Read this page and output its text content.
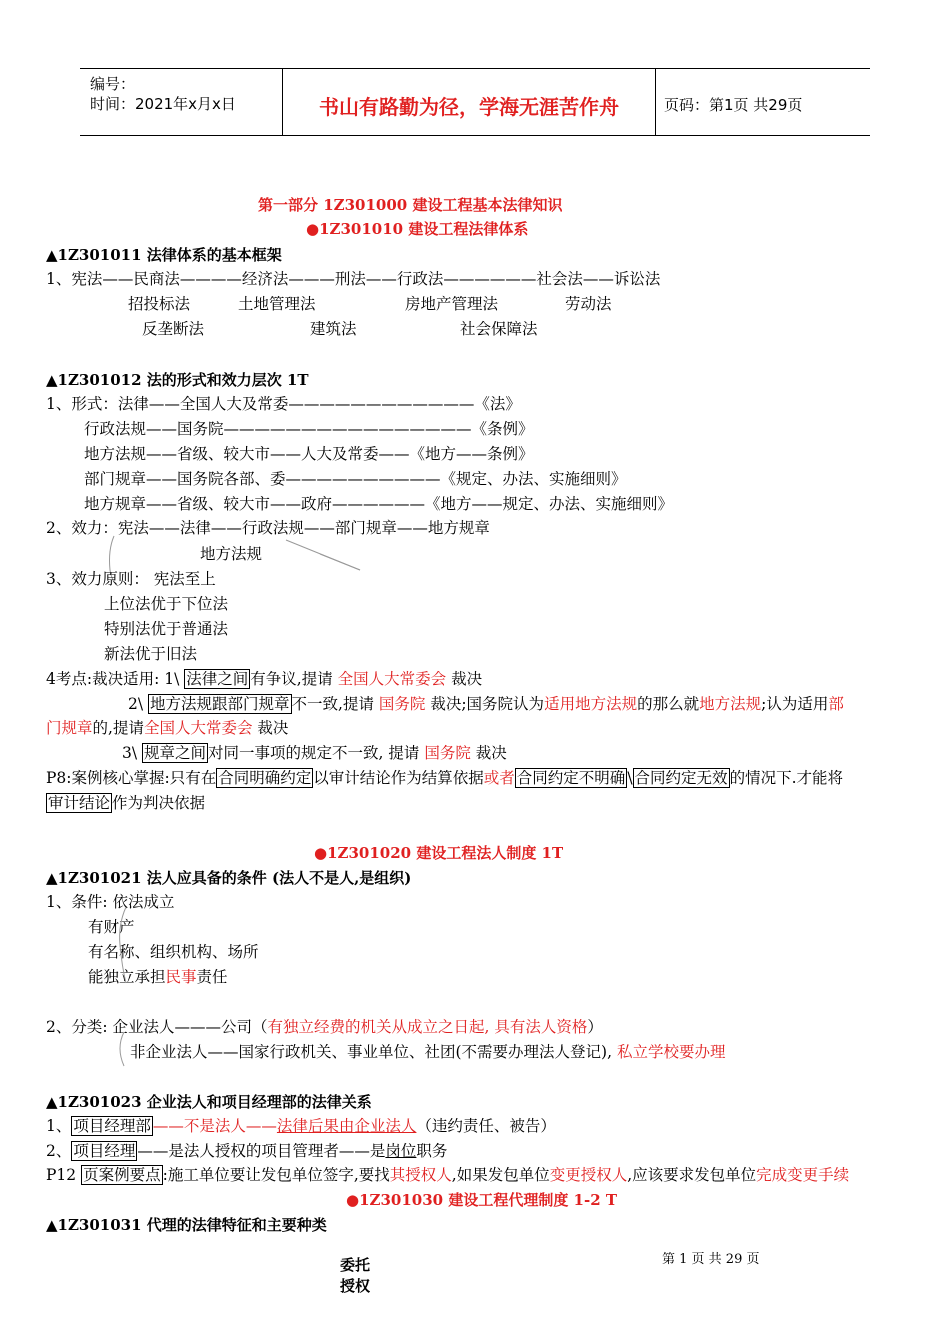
编号：
时间：2021年x月x日	书山有路勤为径，学海无涯苦作舟	页码：第1页 共29页
第一部分 1Z301000 建设工程基本法律知识
●1Z301010 建设工程法律体系
▲1Z301011 法律体系的基本框架
1、宪法——民商法————经济法———刑法——行政法——————社会法——诉讼法
招投标法	土地管理法	房地产管理法	劳动法
反垄断法	建筑法	社会保障法
▲1Z301012 法的形式和效力层次 1T
1、形式：法律——全国人大及常委————————————《法》
行政法规——国务院————————————————《条例》
地方法规——省级、较大市——人大及常委——《地方——条例》
部门规章——国务院各部、委——————————《规定、办法、实施细则》
地方规章——省级、较大市——政府——————《地方——规定、办法、实施细则》
2、效力：宪法——法律——行政法规——部门规章——地方规章
地方法规
3、效力原则： 宪法至上
上位法优于下位法
特别法优于普通法
新法优于旧法
4考点:裁决适用: 1\ 法律之间 有争议,提请 全国人大常委会 裁决
2\ 地方法规跟部门规章 不一致,提请 国务院 裁决;国务院认为适用地方法规的那么就地方法规;认为适用部
门规章的,提请全国人大常委会 裁决
3\ 规章之间 对同一事项的规定不一致, 提请 国务院 裁决
P8:案例核心掌握:只有在 合同明确约定 以审计结论作为结算依据或者 合同约定不明确 \ 合同约定无效 的情况下.才能将
审计结论 作为判决依据
●1Z301020 建设工程法人制度 1T
▲1Z301021 法人应具备的条件 (法人不是人,是组织)
1、条件: 依法成立
有财产
有名称、组织机构、场所
能独立承担民事责任
2、分类: 企业法人———公司（有独立经费的机关从成立之日起, 具有法人资格）
非企业法人——国家行政机关、事业单位、社团(不需要办理法人登记), 私立学校要办理
▲1Z301023 企业法人和项目经理部的法律关系
1、 项目经理部 ——不是法人——法律后果由企业法人（违约责任、被告）
2、 项目经理 ——是法人授权的项目管理者——是岗位职务
P12 页案例要点 :施工单位要让发包单位签字,要找其授权人,如果发包单位变更授权人,应该要求发包单位完成变更手续
●1Z301030 建设工程代理制度 1-2 T
▲1Z301031 代理的法律特征和主要种类
第 1 页 共 29 页
委托
授权
